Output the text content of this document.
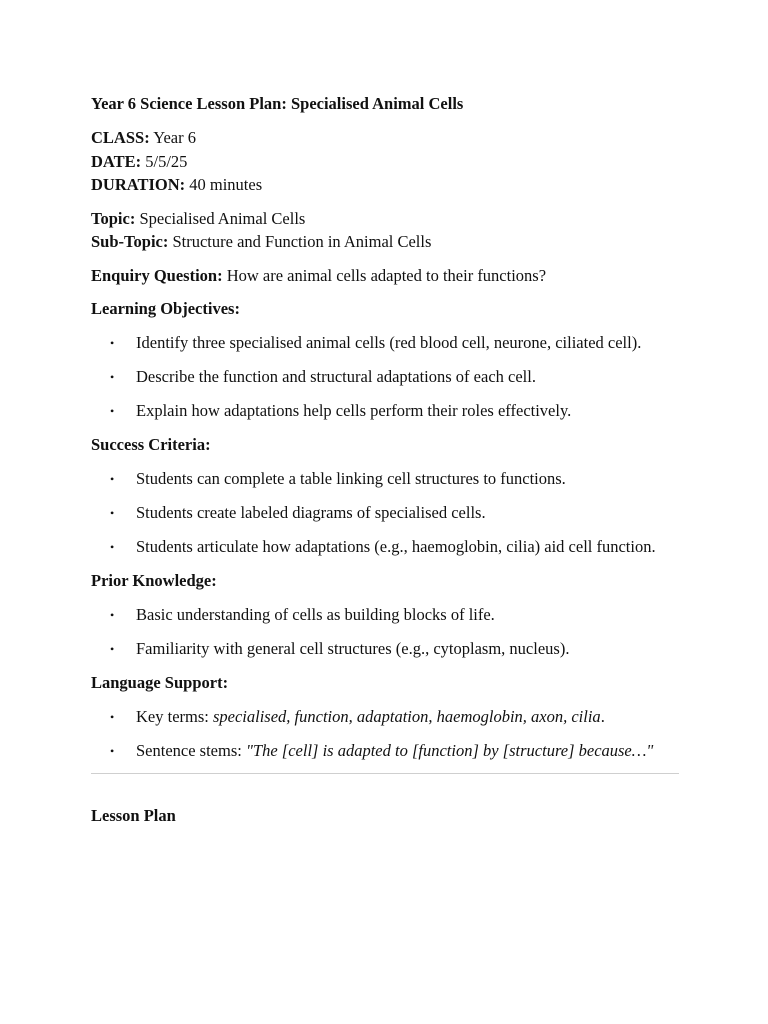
Year 6 Science Lesson Plan: Specialised Animal Cells
CLASS: Year 6
DATE: 5/5/25
DURATION: 40 minutes
Topic: Specialised Animal Cells
Sub-Topic: Structure and Function in Animal Cells
Enquiry Question: How are animal cells adapted to their functions?
Learning Objectives:
• Identify three specialised animal cells (red blood cell, neurone, ciliated cell).
• Describe the function and structural adaptations of each cell.
• Explain how adaptations help cells perform their roles effectively.
Success Criteria:
• Students can complete a table linking cell structures to functions.
• Students create labeled diagrams of specialised cells.
• Students articulate how adaptations (e.g., haemoglobin, cilia) aid cell function.
Prior Knowledge:
• Basic understanding of cells as building blocks of life.
• Familiarity with general cell structures (e.g., cytoplasm, nucleus).
Language Support:
• Key terms: specialised, function, adaptation, haemoglobin, axon, cilia.
• Sentence stems: "The [cell] is adapted to [function] by [structure] because…"
Lesson Plan
